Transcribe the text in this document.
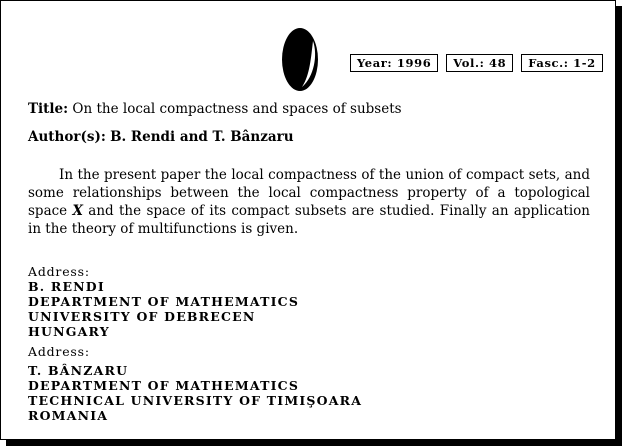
Year: 1996	Vol.: 48	Fasc.: 1-2
Title: On the local compactness and spaces of subsets
Author(s): B. Rendi and T. Bânzaru
In the present paper the local compactness of the union of compact sets, and some relationships between the local compactness property of a topological space X and the space of its compact subsets are studied. Finally an application in the theory of multifunctions is given.
Address:
B. RENDI
DEPARTMENT OF MATHEMATICS
UNIVERSITY OF DEBRECEN
HUNGARY
Address:
T. BÂNZARU
DEPARTMENT OF MATHEMATICS
TECHNICAL UNIVERSITY OF TIMIŞOARA
ROMANIA
